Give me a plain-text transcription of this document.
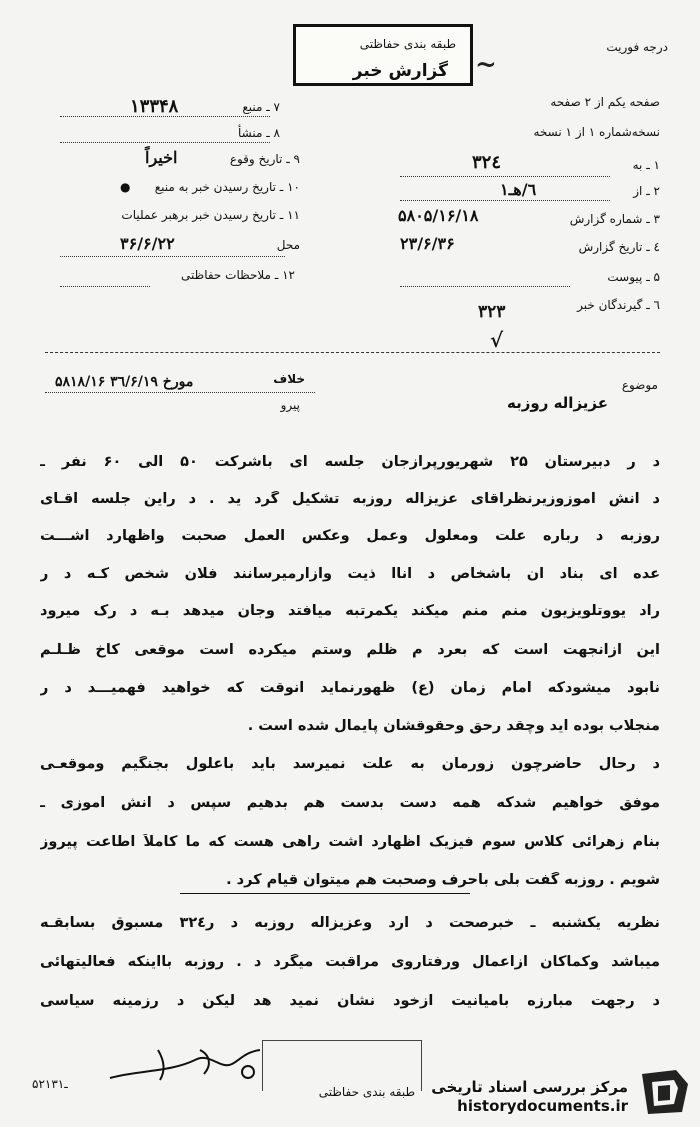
درجه فوریت
طبقه بندی حفاظتی
گزارش خبر ~
صفحه یکم از ۲ صفحه
نسخه‌شماره ۱ از ۱ نسخه
۷ ـ منبع
۱۳۳۴۸
۸ ـ منشأ
۹ ـ تاریخ وقوع
اخیراً
۱۰ ـ تاریخ رسیدن خبر به منبع
●
۱۱ ـ تاریخ رسیدن خبر برهبر عملیات
محل
۳۶/۶/۲۲
۱۲ ـ ملاحظات حفاظتی
۱ ـ به
۳۲٤
۲ ـ از
۱٦/هـ
۳ ـ شماره گزارش
۵۸۰۵/۱۶/۱۸
٤ ـ تاریخ گزارش
۲۳/۶/۳۶
۵ ـ پیوست
٦ ـ گیرندگان خبر
۳۲۳
√
موضوع
عزیزاله روزبه
پیرو
خلاف
۵۸۱۸/۱۶ مورخ ۳٦/۶/۱۹
د ر دبیرستان ۲۵ شهریورپرازجان جلسه ای باشرکت ۵۰ الی ۶۰ نفر ـ
د انش آموزوزیرنظرآقای عزیزاله روزبه تشکیل گرد ید . د راین جلسه آقـای
روزبه د رباره علت ومعلول وعمل وعکس العمل صحبت واظهارد اشـــت
عده ای بناد ان باشخاص د اناا ذیت وآزارمیرسانند فلان شخص کـه د ر
راد یووتلویزیون منم منم میکند یکمرتبه میافتد وجان میدهد بـه د رک میرود
این ازآنجهت است که بعرد م ظلم وستم میکرده است موقعی کاخ ظـلـم
نابود میشودکه امام زمان (ع) ظهورنماید آنوقت که خواهید فهمیـــد د ر
منجلاب بوده اید وچقد رحق وحقوقشان پایمال شده است .
د رحال حاضرچون زورمان به علت نمیرسد باید باعلول بجنگیم وموقعـی
موفق خواهیم شدکه همه دست بدست هم بدهیم سپس د انش آموزی ـ
بنام زهرائی کلاس سوم فیزیک اظهارد اشت راهی هست که ما کاملاً اطاعت پیروز
شویم . روزبه گفت بلی باحرف وصحبت هم میتوان قیام کرد .
نظریه یکشنبه ـ خبرصحت د ارد وعزیزاله روزبه د ر۳۲٤ مسبوق بسابقـه
میباشد وکماکان ازاعمال ورفتاروی مراقبت میگرد د . روزبه بااینکه فعالیتهائی
د رجهت مبارزه بامیانیت ازخود نشان نمید هد لیکن د رزمینه سیاسی
طبقه بندی حفاظتی
۵۲ـ۱۳۱	مرکز بررسی اسناد تاریخی
historydocuments.ir
